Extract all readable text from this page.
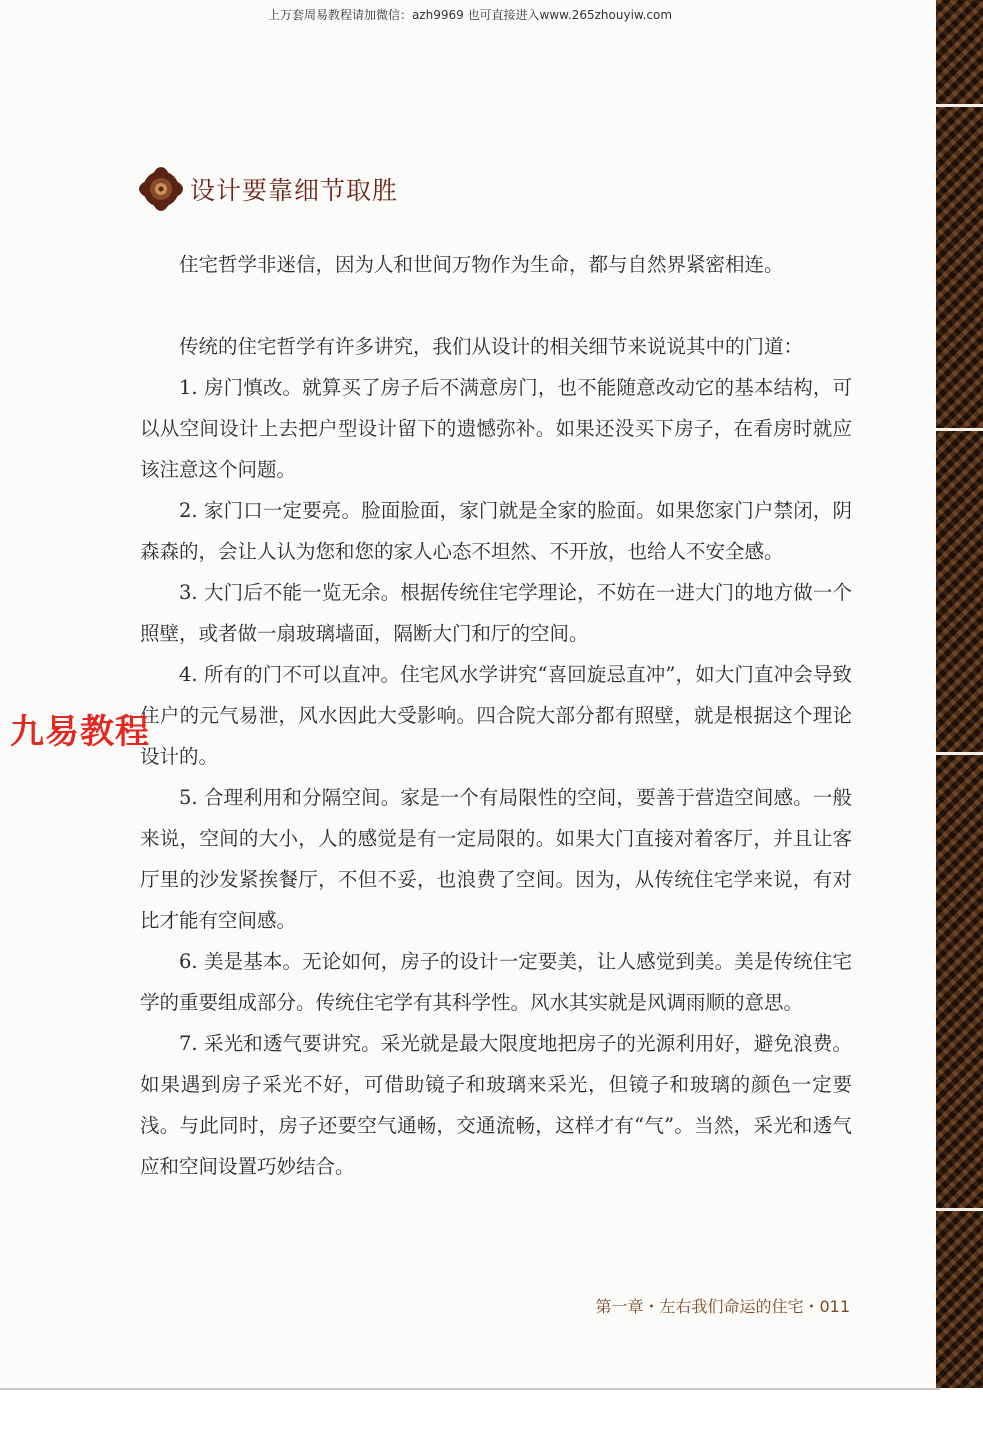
上万套周易教程请加微信：azh9969 也可直接进入www.265zhouyiw.com
设计要靠细节取胜

住宅哲学非迷信，因为人和世间万物作为生命，都与自然界紧密相连。

传统的住宅哲学有许多讲究，我们从设计的相关细节来说说其中的门道：

1. 房门慎改。就算买了房子后不满意房门，也不能随意改动它的基本结构，可以从空间设计上去把户型设计留下的遗憾弥补。如果还没买下房子，在看房时就应该注意这个问题。

2. 家门口一定要亮。脸面脸面，家门就是全家的脸面。如果您家门户禁闭，阴森森的，会让人认为您和您的家人心态不坦然、不开放，也给人不安全感。

3. 大门后不能一览无余。根据传统住宅学理论，不妨在一进大门的地方做一个照壁，或者做一扇玻璃墙面，隔断大门和厅的空间。

4. 所有的门不可以直冲。住宅风水学讲究“喜回旋忌直冲”，如大门直冲会导致住户的元气易泄，风水因此大受影响。四合院大部分都有照壁，就是根据这个理论设计的。

5. 合理利用和分隔空间。家是一个有局限性的空间，要善于营造空间感。一般来说，空间的大小，人的感觉是有一定局限的。如果大门直接对着客厅，并且让客厅里的沙发紧挨餐厅，不但不妥，也浪费了空间。因为，从传统住宅学来说，有对比才能有空间感。

6. 美是基本。无论如何，房子的设计一定要美，让人感觉到美。美是传统住宅学的重要组成部分。传统住宅学有其科学性。风水其实就是风调雨顺的意思。

7. 采光和透气要讲究。采光就是最大限度地把房子的光源利用好，避免浪费。如果遇到房子采光不好，可借助镜子和玻璃来采光，但镜子和玻璃的颜色一定要浅。与此同时，房子还要空气通畅，交通流畅，这样才有“气”。当然，采光和透气应和空间设置巧妙结合。

九易教程
第一章・左右我们命运的住宅・011
